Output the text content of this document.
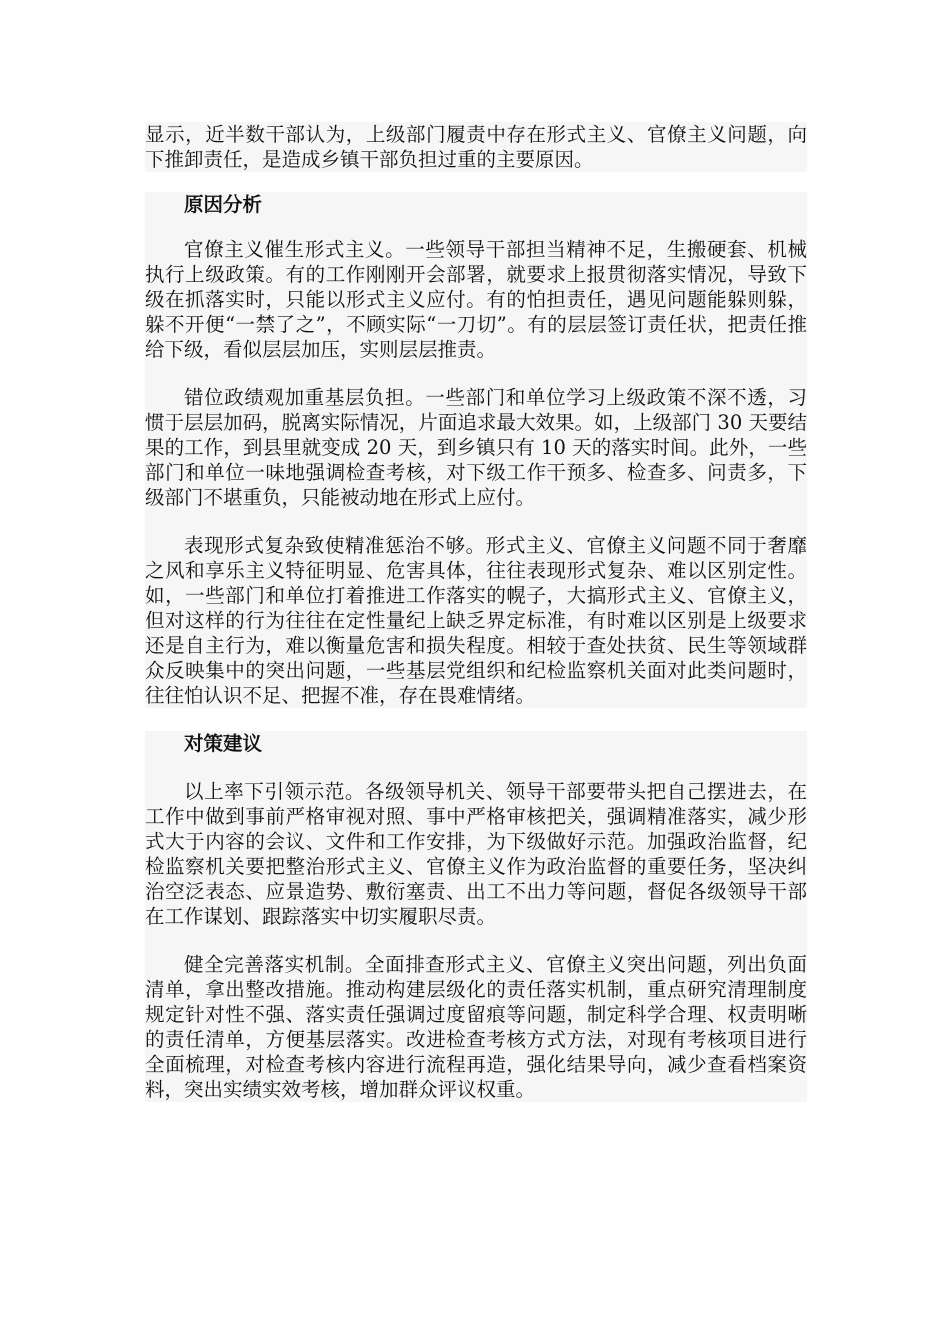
显示，近半数干部认为，上级部门履责中存在形式主义、官僚主义问题，向下推卸责任，是造成乡镇干部负担过重的主要原因。

原因分析

官僚主义催生形式主义。一些领导干部担当精神不足，生搬硬套、机械执行上级政策。有的工作刚刚开会部署，就要求上报贯彻落实情况，导致下级在抓落实时，只能以形式主义应付。有的怕担责任，遇见问题能躲则躲，躲不开便“一禁了之”，不顾实际“一刀切”。有的层层签订责任状，把责任推给下级，看似层层加压，实则层层推责。

错位政绩观加重基层负担。一些部门和单位学习上级政策不深不透，习惯于层层加码，脱离实际情况，片面追求最大效果。如，上级部门 30 天要结果的工作，到县里就变成 20 天，到乡镇只有 10 天的落实时间。此外，一些部门和单位一味地强调检查考核，对下级工作干预多、检查多、问责多，下级部门不堪重负，只能被动地在形式上应付。

表现形式复杂致使精准惩治不够。形式主义、官僚主义问题不同于奢靡之风和享乐主义特征明显、危害具体，往往表现形式复杂、难以区别定性。如，一些部门和单位打着推进工作落实的幌子，大搞形式主义、官僚主义，但对这样的行为往往在定性量纪上缺乏界定标准，有时难以区别是上级要求还是自主行为，难以衡量危害和损失程度。相较于查处扶贫、民生等领域群众反映集中的突出问题，一些基层党组织和纪检监察机关面对此类问题时，往往怕认识不足、把握不准，存在畏难情绪。

对策建议

以上率下引领示范。各级领导机关、领导干部要带头把自己摆进去，在工作中做到事前严格审视对照、事中严格审核把关，强调精准落实，减少形式大于内容的会议、文件和工作安排，为下级做好示范。加强政治监督，纪检监察机关要把整治形式主义、官僚主义作为政治监督的重要任务，坚决纠治空泛表态、应景造势、敷衍塞责、出工不出力等问题，督促各级领导干部在工作谋划、跟踪落实中切实履职尽责。

健全完善落实机制。全面排查形式主义、官僚主义突出问题，列出负面清单，拿出整改措施。推动构建层级化的责任落实机制，重点研究清理制度规定针对性不强、落实责任强调过度留痕等问题，制定科学合理、权责明晰的责任清单，方便基层落实。改进检查考核方式方法，对现有考核项目进行全面梳理，对检查考核内容进行流程再造，强化结果导向，减少查看档案资料，突出实绩实效考核，增加群众评议权重。
